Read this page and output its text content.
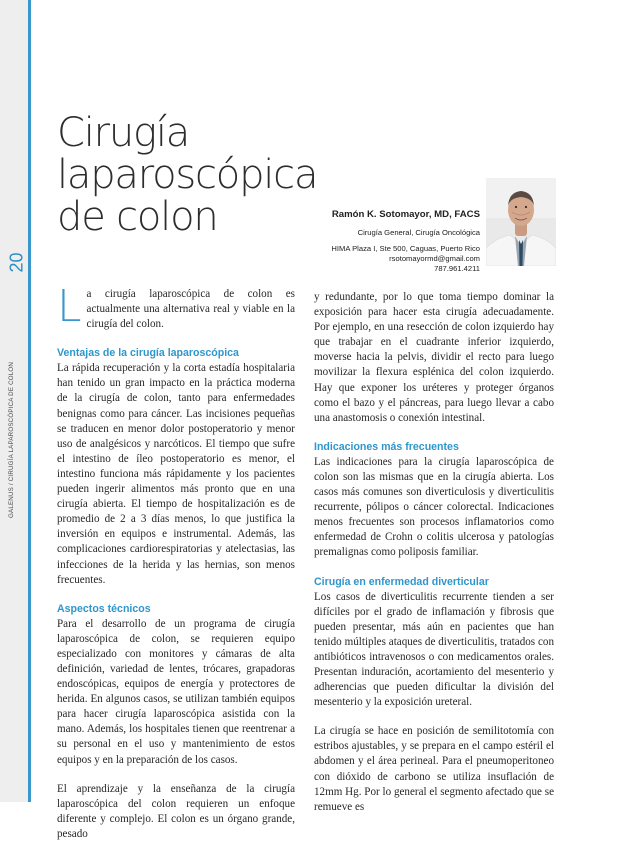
20
GALENUS / CIRUGÍA LAPAROSCÓPICA DE COLON
Cirugía laparoscópica
de colon	Ramón K. Sotomayor, MD, FACS
Cirugía General, Cirugía Oncológica
HIMA Plaza I, Ste 500, Caguas, Puerto Rico
rsotomayormd@gmail.com
787.961.4211

La cirugía laparoscópica de colon es actualmente una alternativa real y viable en la cirugía del colon.

Ventajas de la cirugía laparoscópica

La rápida recuperación y la corta estadía hospitalaria han tenido un gran impacto en la práctica moderna de la cirugía de colon, tanto para enfermedades benignas como para cáncer. Las incisiones pequeñas se traducen en menor dolor postoperatorio y menor uso de analgésicos y narcóticos. El tiempo que sufre el intestino de íleo postoperatorio es menor, el intestino funciona más rápidamente y los pacientes pueden ingerir alimentos más pronto que en una cirugía abierta. El tiempo de hospitalización es de promedio de 2 a 3 días menos, lo que justifica la inversión en equipos e instrumental. Además, las complicaciones cardiorespiratorias y atelectasias, las infecciones de la herida y las hernias, son menos frecuentes.

Aspectos técnicos

Para el desarrollo de un programa de cirugía laparoscópica de colon, se requieren equipo especializado con monitores y cámaras de alta definición, variedad de lentes, trócares, grapadoras endoscópicas, equipos de energía y protectores de herida. En algunos casos, se utilizan también equipos para hacer cirugía laparoscópica asistida con la mano. Además, los hospitales tienen que reentrenar a su personal en el uso y mantenimiento de estos equipos y en la preparación de los casos.

El aprendizaje y la enseñanza de la cirugía laparoscópica del colon requieren un enfoque diferente y complejo. El colon es un órgano grande, pesado

y redundante, por lo que toma tiempo dominar la exposición para hacer esta cirugía adecuadamente. Por ejemplo, en una resección de colon izquierdo hay que trabajar en el cuadrante inferior izquierdo, moverse hacia la pelvis, dividir el recto para luego movilizar la flexura esplénica del colon izquierdo. Hay que exponer los uréteres y proteger órganos como el bazo y el páncreas, para luego llevar a cabo una anastomosis o conexión intestinal.

Indicaciones más frecuentes

Las indicaciones para la cirugía laparoscópica de colon son las mismas que en la cirugía abierta. Los casos más comunes son diverticulosis y diverticulitis recurrente, pólipos o cáncer colorectal. Indicaciones menos frecuentes son procesos inflamatorios como enfermedad de Crohn o colitis ulcerosa y patologías premalignas como poliposis familiar.

Cirugía en enfermedad diverticular

Los casos de diverticulitis recurrente tienden a ser difíciles por el grado de inflamación y fibrosis que pueden presentar, más aún en pacientes que han tenido múltiples ataques de diverticulitis, tratados con antibióticos intravenosos o con medicamentos orales. Presentan induración, acortamiento del mesenterio y adherencias que pueden dificultar la división del mesenterio y la exposición ureteral.

La cirugía se hace en posición de semilitotomía con estribos ajustables, y se prepara en el campo estéril el abdomen y el área perineal. Para el pneumoperitoneo con dióxido de carbono se utiliza insuflación de 12mm Hg. Por lo general el segmento afectado que se remueve es
